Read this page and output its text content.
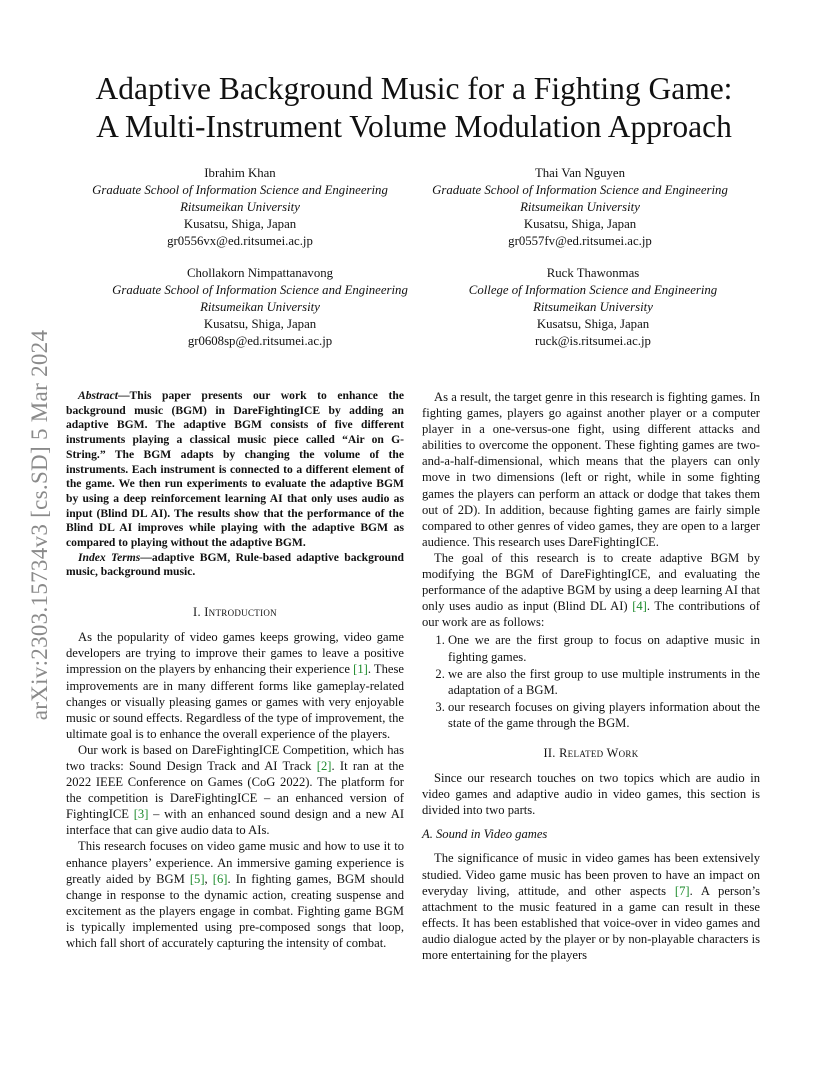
arXiv:2303.15734v3 [cs.SD] 5 Mar 2024
Adaptive Background Music for a Fighting Game:
A Multi-Instrument Volume Modulation Approach
Ibrahim Khan
Graduate School of Information Science and Engineering
Ritsumeikan University
Kusatsu, Shiga, Japan
gr0556vx@ed.ritsumei.ac.jp
Thai Van Nguyen
Graduate School of Information Science and Engineering
Ritsumeikan University
Kusatsu, Shiga, Japan
gr0557fv@ed.ritsumei.ac.jp
Chollakorn Nimpattanavong
Graduate School of Information Science and Engineering
Ritsumeikan University
Kusatsu, Shiga, Japan
gr0608sp@ed.ritsumei.ac.jp
Ruck Thawonmas
College of Information Science and Engineering
Ritsumeikan University
Kusatsu, Shiga, Japan
ruck@is.ritsumei.ac.jp

Abstract—This paper presents our work to enhance the background music (BGM) in DareFightingICE by adding an adaptive BGM. The adaptive BGM consists of five different instruments playing a classical music piece called “Air on G-String.” The BGM adapts by changing the volume of the instruments. Each instrument is connected to a different element of the game. We then run experiments to evaluate the adaptive BGM by using a deep reinforcement learning AI that only uses audio as input (Blind DL AI). The results show that the performance of the Blind DL AI improves while playing with the adaptive BGM as compared to playing without the adaptive BGM.

Index Terms—adaptive BGM, Rule-based adaptive background music, background music.

I. Introduction

As the popularity of video games keeps growing, video game developers are trying to improve their games to leave a positive impression on the players by enhancing their experience [1]. These improvements are in many different forms like gameplay-related changes or visually pleasing games or games with very enjoyable music or sound effects. Regardless of the type of improvement, the ultimate goal is to enhance the overall experience of the players.

Our work is based on DareFightingICE Competition, which has two tracks: Sound Design Track and AI Track [2]. It ran at the 2022 IEEE Conference on Games (CoG 2022). The platform for the competition is DareFightingICE – an enhanced version of FightingICE [3] – with an enhanced sound design and a new AI interface that can give audio data to AIs.

This research focuses on video game music and how to use it to enhance players’ experience. An immersive gaming experience is greatly aided by BGM [5], [6]. In fighting games, BGM should change in response to the dynamic action, creating suspense and excitement as the players engage in combat. Fighting game BGM is typically implemented using pre-composed songs that loop, which fall short of accurately capturing the intensity of combat.

As a result, the target genre in this research is fighting games. In fighting games, players go against another player or a computer player in a one-versus-one fight, using different attacks and abilities to overcome the opponent. These fighting games are two-and-a-half-dimensional, which means that the players can only move in two dimensions (left or right, while in some fighting games the players can perform an attack or dodge that takes them out of 2D). In addition, because fighting games are fairly simple compared to other genres of video games, they are open to a larger audience. This research uses DareFightingICE.

The goal of this research is to create adaptive BGM by modifying the BGM of DareFightingICE, and evaluating the performance of the adaptive BGM by using a deep learning AI that only uses audio as input (Blind DL AI) [4]. The contributions of our work are as follows:

1. One we are the first group to focus on adaptive music in fighting games.
2. we are also the first group to use multiple instruments in the adaptation of a BGM.
3. our research focuses on giving players information about the state of the game through the BGM.
II. Related Work

Since our research touches on two topics which are audio in video games and adaptive audio in video games, this section is divided into two parts.

A. Sound in Video games

The significance of music in video games has been extensively studied. Video game music has been proven to have an impact on everyday living, attitude, and other aspects [7]. A person’s attachment to the music featured in a game can result in these effects. It has been established that voice-over in video games and audio dialogue acted by the player or by non-playable characters is more entertaining for the players
